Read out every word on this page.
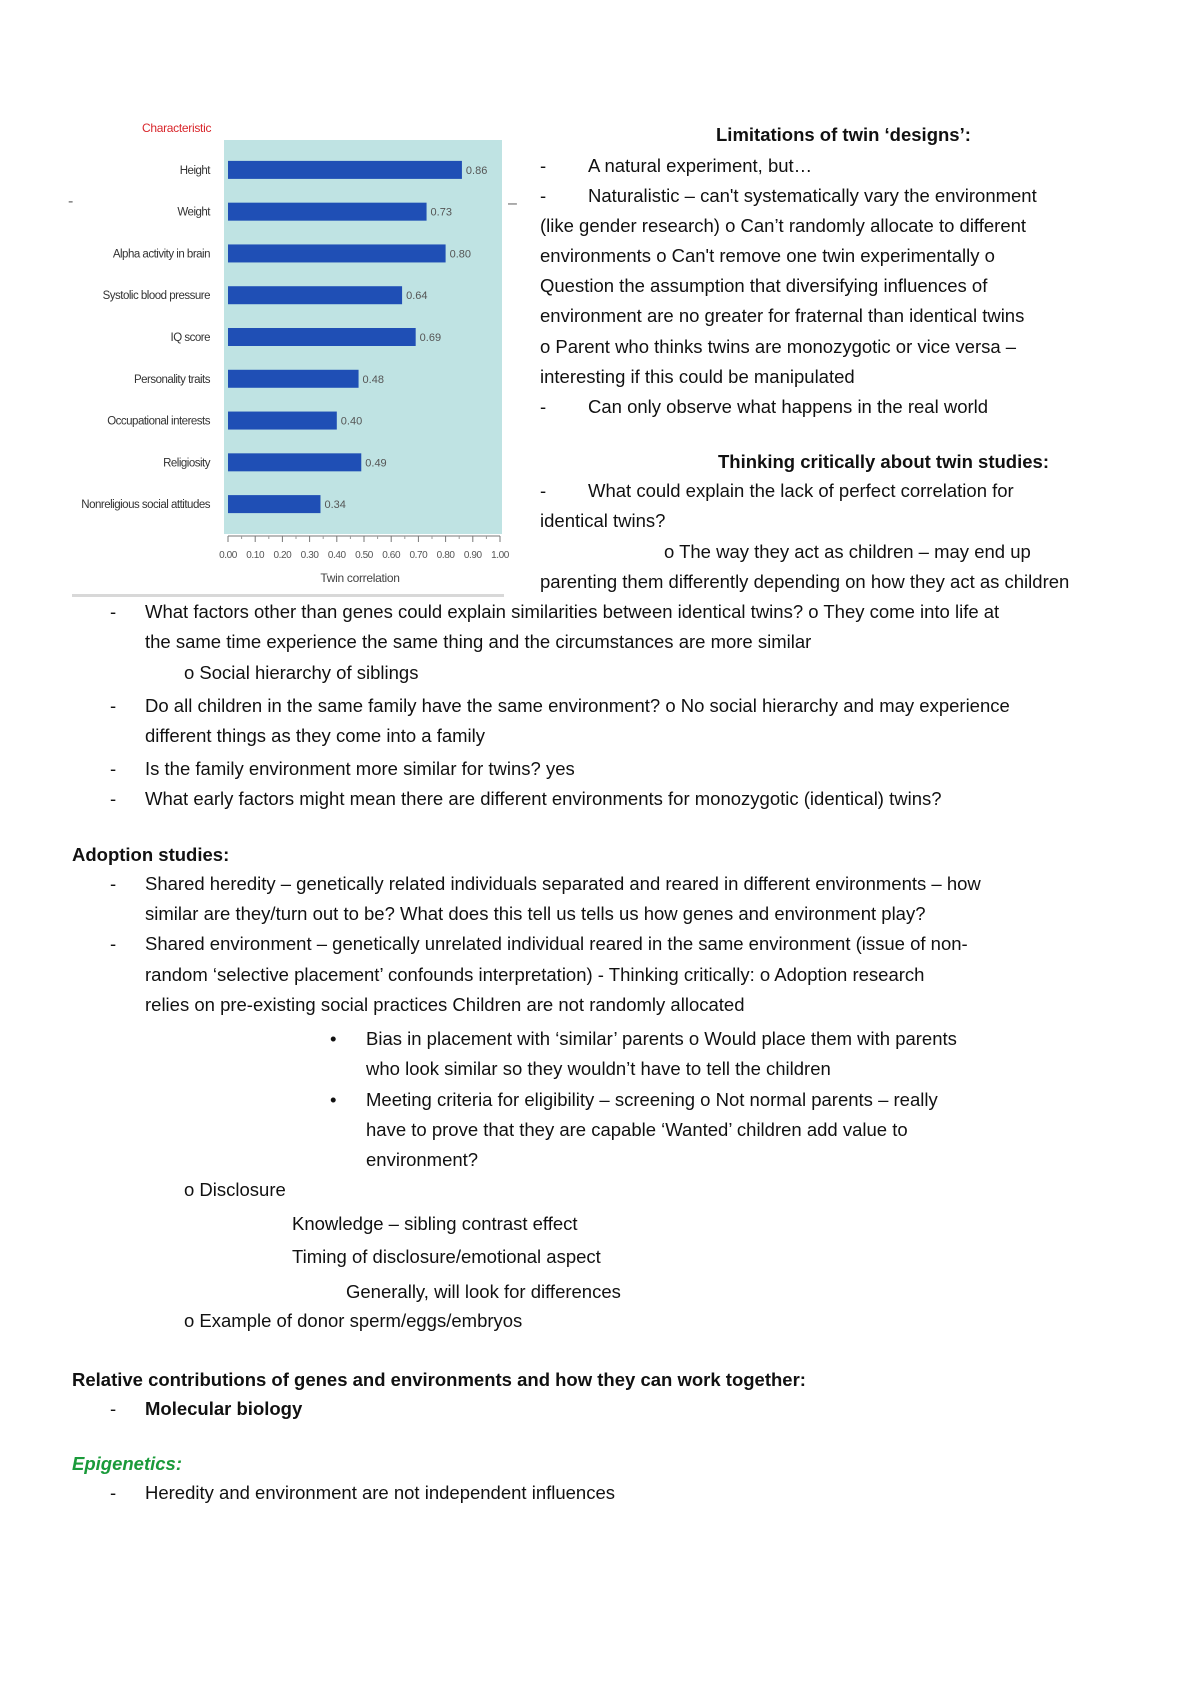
Characteristic
Height	0.86
Weight	0.73
Alpha activity in brain	0.80
Systolic blood pressure	0.64
IQ score	0.69
Personality traits	0.48
Occupational interests	0.40
Religiosity	0.49
Nonreligious social attitudes	0.34
0.00 0.10 0.20 0.30 0.40 0.50 0.60 0.70 0.80 0.90 1.00
Twin correlation
-	–
Limitations of twin ‘designs’:
- A natural experiment, but…
- Naturalistic – can't systematically vary the environment
(like gender research) o Can’t randomly allocate to different
environments o Can't remove one twin experimentally o
Question the assumption that diversifying influences of
environment are no greater for fraternal than identical twins
o Parent who thinks twins are monozygotic or vice versa –
interesting if this could be manipulated
- Can only observe what happens in the real world
Thinking critically about twin studies:
- What could explain the lack of perfect correlation for
identical twins?
o The way they act as children – may end up
parenting them differently depending on how they act as children
- What factors other than genes could explain similarities between identical twins? o They come into life at
the same time experience the same thing and the circumstances are more similar
o Social hierarchy of siblings
- Do all children in the same family have the same environment? o No social hierarchy and may experience
different things as they come into a family
- Is the family environment more similar for twins? yes
- What early factors might mean there are different environments for monozygotic (identical) twins?
Adoption studies:
- Shared heredity – genetically related individuals separated and reared in different environments – how
similar are they/turn out to be? What does this tell us tells us how genes and environment play?
- Shared environment – genetically unrelated individual reared in the same environment (issue of non-
random ‘selective placement’ confounds interpretation) - Thinking critically: o Adoption research
relies on pre-existing social practices Children are not randomly allocated
• Bias in placement with ‘similar’ parents o Would place them with parents
who look similar so they wouldn’t have to tell the children
• Meeting criteria for eligibility – screening o Not normal parents – really
have to prove that they are capable ‘Wanted’ children add value to
environment?
o Disclosure
Knowledge – sibling contrast effect
Timing of disclosure/emotional aspect
Generally, will look for differences
o Example of donor sperm/eggs/embryos
Relative contributions of genes and environments and how they can work together:
- Molecular biology
Epigenetics:
- Heredity and environment are not independent influences
